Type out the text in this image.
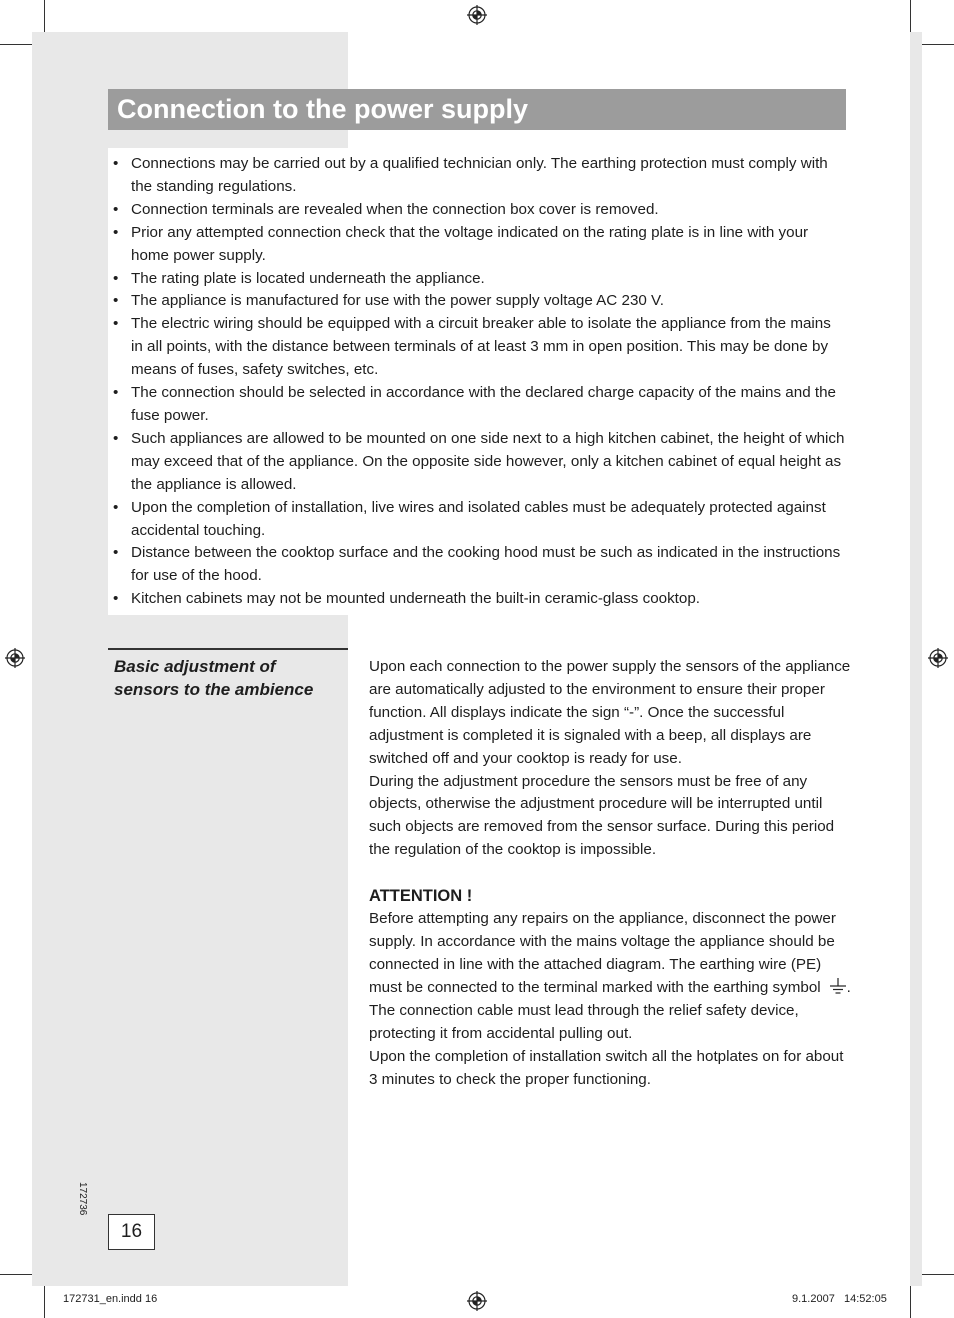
Connection to the power supply
• Connections may be carried out by a qualified technician only. The earthing protection must comply with the standing regulations.
• Connection terminals are revealed when the connection box cover is removed.
• Prior any attempted connection check that the voltage indicated on the rating plate is in line with your home power supply.
• The rating plate is located underneath the appliance.
• The appliance is manufactured for use with the power supply voltage AC 230 V.
• The electric wiring should be equipped with a circuit breaker able to isolate the appliance from the mains in all points, with the distance between terminals of at least 3 mm in open position. This may be done by means of fuses, safety switches, etc.
• The connection should be selected in accordance with the declared charge capacity of the mains and the fuse power.
• Such appliances are allowed to be mounted on one side next to a high kitchen cabinet, the height of which may exceed that of the appliance. On the opposite side however, only a kitchen cabinet of equal height as the appliance is allowed.
• Upon the completion of installation, live wires and isolated cables must be adequately protected against accidental touching.
• Distance between the cooktop surface and the cooking hood must be such as indicated in the instructions for use of the hood.
• Kitchen cabinets may not be mounted underneath the built-in ceramic-glass cooktop.
Basic adjustment of sensors to the ambience

Upon each connection to the power supply the sensors of the appliance are automatically adjusted to the environment to ensure their proper function. All displays indicate the sign “-”. Once the successful adjustment is completed it is signaled with a beep, all displays are switched off and your cooktop is ready for use.

During the adjustment procedure the sensors must be free of any objects, otherwise the adjustment procedure will be interrupted until such objects are removed from the sensor surface. During this period the regulation of the cooktop is impossible.

ATTENTION !

Before attempting any repairs on the appliance, disconnect the power supply. In accordance with the mains voltage the appliance should be connected in line with the attached diagram. The earthing wire (PE) must be connected to the terminal marked with the earthing symbol .

The connection cable must lead through the relief safety device, protecting it from accidental pulling out.

Upon the completion of installation switch all the hotplates on for about 3 minutes to check the proper functioning.

172736
16
172731_en.indd 16	9.1.2007   14:52:05
